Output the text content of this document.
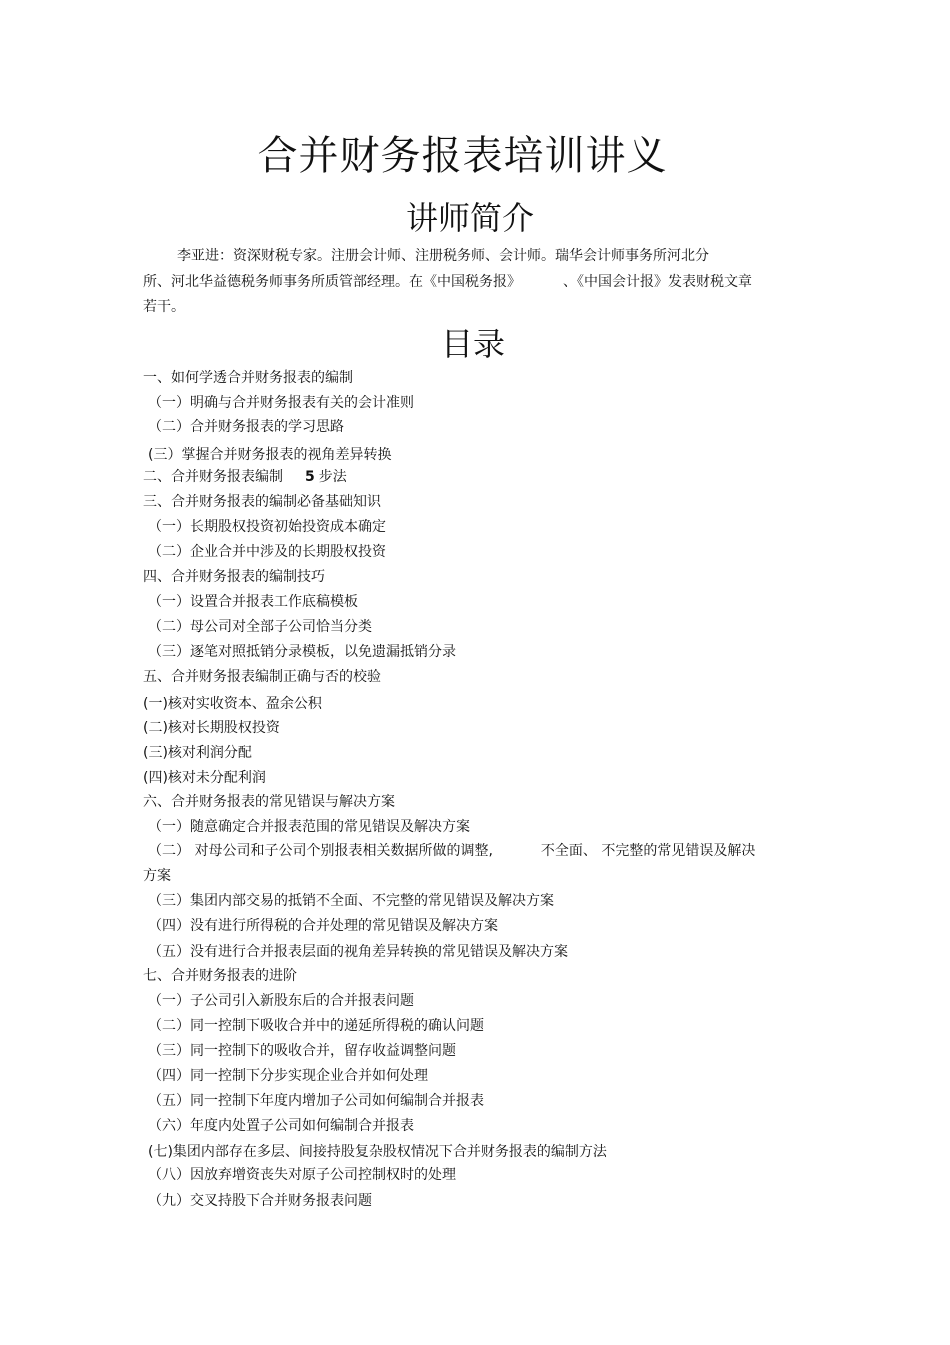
合并财务报表培训讲义
讲师简介
李亚进：资深财税专家。注册会计师、注册税务师、会计师。瑞华会计师事务所河北分
所、河北华益德税务师事务所质管部经理。在《中国税务报》	、《中国会计报》发表财税文章
若干。
目录
一、如何学透合并财务报表的编制
（一）明确与合并财务报表有关的会计准则
（二）合并财务报表的学习思路
(三）掌握合并财务报表的视角差异转换
二、合并财务报表编制 5 步法
三、合并财务报表的编制必备基础知识
（一）长期股权投资初始投资成本确定
（二）企业合并中涉及的长期股权投资
四、合并财务报表的编制技巧
（一）设置合并报表工作底稿模板
（二）母公司对全部子公司恰当分类
（三）逐笔对照抵销分录模板，以免遗漏抵销分录
五、合并财务报表编制正确与否的校验
(一)核对实收资本、盈余公积
(二)核对长期股权投资
(三)核对利润分配
(四)核对未分配利润
六、合并财务报表的常见错误与解决方案
（一）随意确定合并报表范围的常见错误及解决方案
（二） 对母公司和子公司个别报表相关数据所做的调整,	不全面、 不完整的常见错误及解决
方案
（三）集团内部交易的抵销不全面、不完整的常见错误及解决方案
（四）没有进行所得税的合并处理的常见错误及解决方案
（五）没有进行合并报表层面的视角差异转换的常见错误及解决方案
七、合并财务报表的进阶
（一）子公司引入新股东后的合并报表问题
（二）同一控制下吸收合并中的递延所得税的确认问题
（三）同一控制下的吸收合并，留存收益调整问题
（四）同一控制下分步实现企业合并如何处理
（五）同一控制下年度内增加子公司如何编制合并报表
（六）年度内处置子公司如何编制合并报表
(七)集团内部存在多层、间接持股复杂股权情况下合并财务报表的编制方法
（八）因放弃增资丧失对原子公司控制权时的处理
（九）交叉持股下合并财务报表问题
